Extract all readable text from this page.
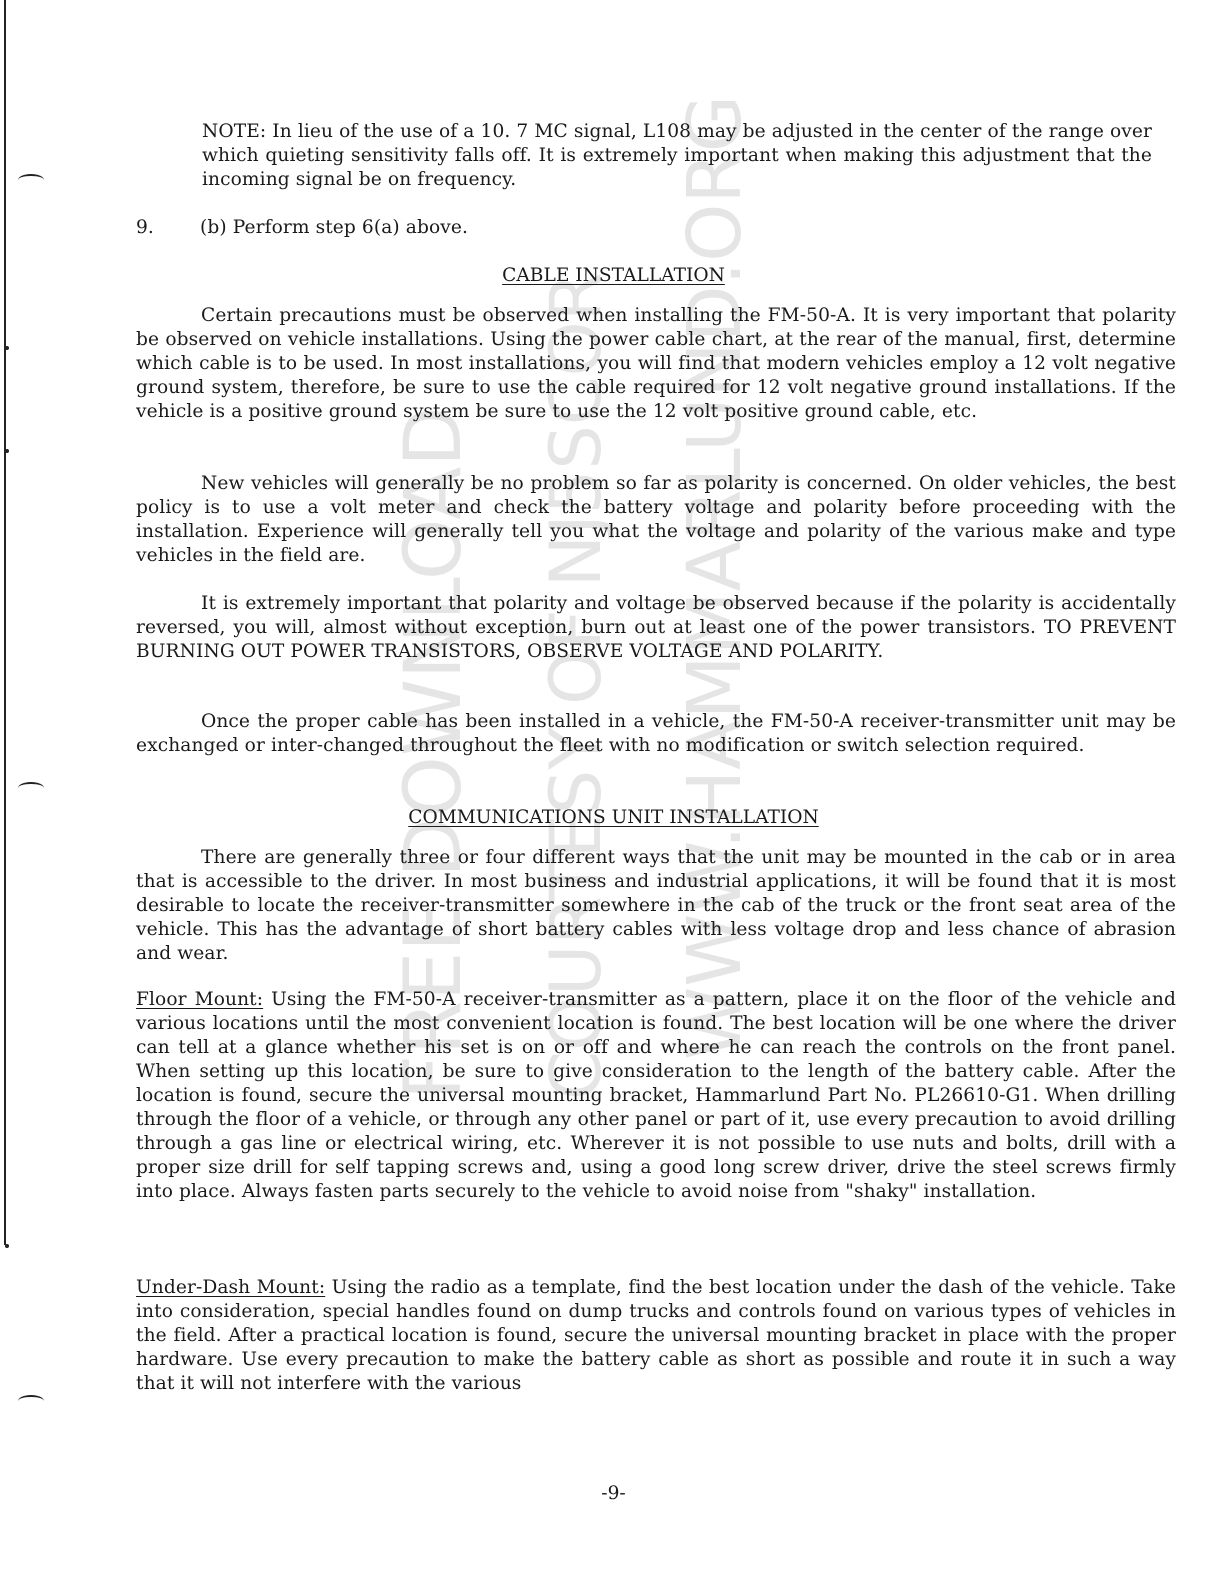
FREE DOWNLOAD COURTESY OF NJ5SCOR WWW.HAMMARLUND.ORG

NOTE: In lieu of the use of a 10. 7 MC signal, L108 may be adjusted in the center of the range over which quieting sensitivity falls off. It is extremely important when making this adjustment that the incoming signal be on frequency.

9. (b) Perform step 6(a) above.
CABLE INSTALLATION

Certain precautions must be observed when installing the FM-50-A. It is very important that polarity be observed on vehicle installations. Using the power cable chart, at the rear of the manual, first, determine which cable is to be used. In most installations, you will find that modern vehicles employ a 12 volt negative ground system, therefore, be sure to use the cable required for 12 volt negative ground installations. If the vehicle is a positive ground system be sure to use the 12 volt positive ground cable, etc.

New vehicles will generally be no problem so far as polarity is concerned. On older vehicles, the best policy is to use a volt meter and check the battery voltage and polarity before proceeding with the installation. Experience will generally tell you what the voltage and polarity of the various make and type vehicles in the field are.

It is extremely important that polarity and voltage be observed because if the polarity is accidentally reversed, you will, almost without exception, burn out at least one of the power transistors. TO PREVENT BURNING OUT POWER TRANSISTORS, OBSERVE VOLTAGE AND POLARITY.

Once the proper cable has been installed in a vehicle, the FM-50-A receiver-transmitter unit may be exchanged or inter-changed throughout the fleet with no modification or switch selection required.

COMMUNICATIONS UNIT INSTALLATION

There are generally three or four different ways that the unit may be mounted in the cab or in area that is accessible to the driver. In most business and industrial applications, it will be found that it is most desirable to locate the receiver-transmitter somewhere in the cab of the truck or the front seat area of the vehicle. This has the advantage of short battery cables with less voltage drop and less chance of abrasion and wear.

Floor Mount: Using the FM-50-A receiver-transmitter as a pattern, place it on the floor of the vehicle and various locations until the most convenient location is found. The best location will be one where the driver can tell at a glance whether his set is on or off and where he can reach the controls on the front panel. When setting up this location, be sure to give consideration to the length of the battery cable. After the location is found, secure the universal mounting bracket, Hammarlund Part No. PL26610-G1. When drilling through the floor of a vehicle, or through any other panel or part of it, use every precaution to avoid drilling through a gas line or electrical wiring, etc. Wherever it is not possible to use nuts and bolts, drill with a proper size drill for self tapping screws and, using a good long screw driver, drive the steel screws firmly into place. Always fasten parts securely to the vehicle to avoid noise from "shaky" installation.

Under-Dash Mount: Using the radio as a template, find the best location under the dash of the vehicle. Take into consideration, special handles found on dump trucks and controls found on various types of vehicles in the field. After a practical location is found, secure the universal mounting bracket in place with the proper hardware. Use every precaution to make the battery cable as short as possible and route it in such a way that it will not interfere with the various

-9-
